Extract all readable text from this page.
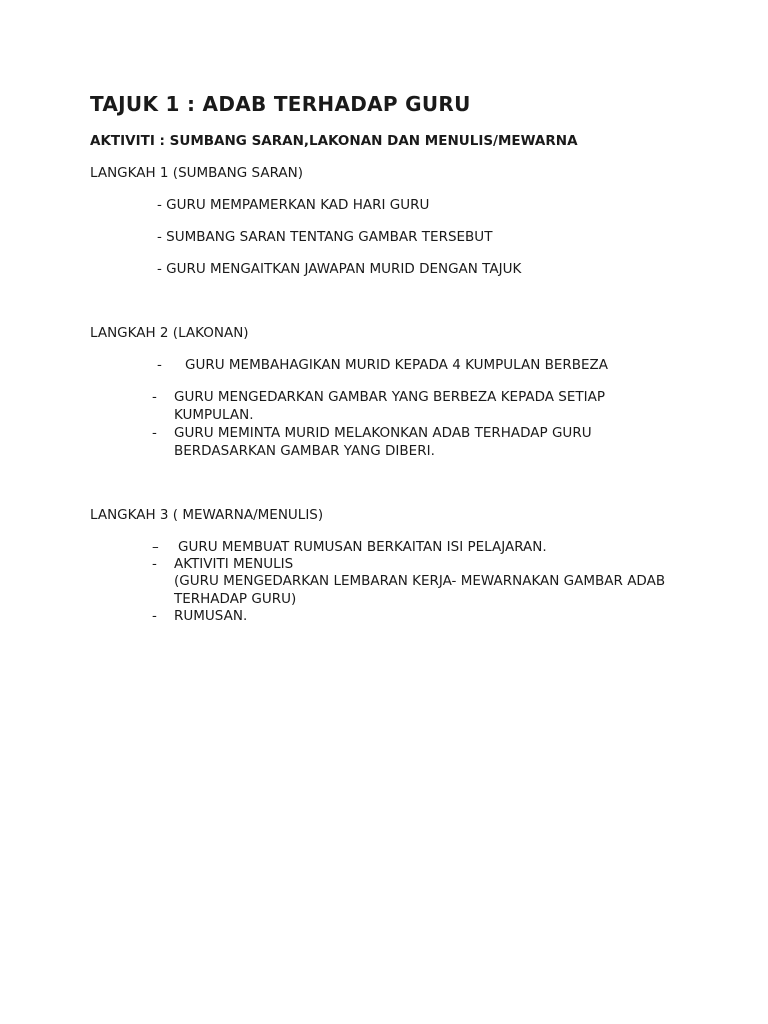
TAJUK 1 : ADAB TERHADAP GURU
AKTIVITI : SUMBANG SARAN,LAKONAN DAN MENULIS/MEWARNA
LANGKAH 1 (SUMBANG SARAN)
- GURU MEMPAMERKAN KAD HARI GURU
- SUMBANG SARAN TENTANG GAMBAR TERSEBUT
- GURU MENGAITKAN JAWAPAN MURID DENGAN TAJUK
LANGKAH 2 (LAKONAN)
- GURU MEMBAHAGIKAN MURID KEPADA 4 KUMPULAN BERBEZA
- GURU MENGEDARKAN GAMBAR YANG BERBEZA KEPADA SETIAP
KUMPULAN.
- GURU MEMINTA MURID MELAKONKAN ADAB TERHADAP GURU
BERDASARKAN GAMBAR YANG DIBERI.
LANGKAH 3 ( MEWARNA/MENULIS)
– GURU MEMBUAT RUMUSAN BERKAITAN ISI PELAJARAN.
- AKTIVITI MENULIS
(GURU MENGEDARKAN LEMBARAN KERJA- MEWARNAKAN GAMBAR ADAB
TERHADAP GURU)
- RUMUSAN.
